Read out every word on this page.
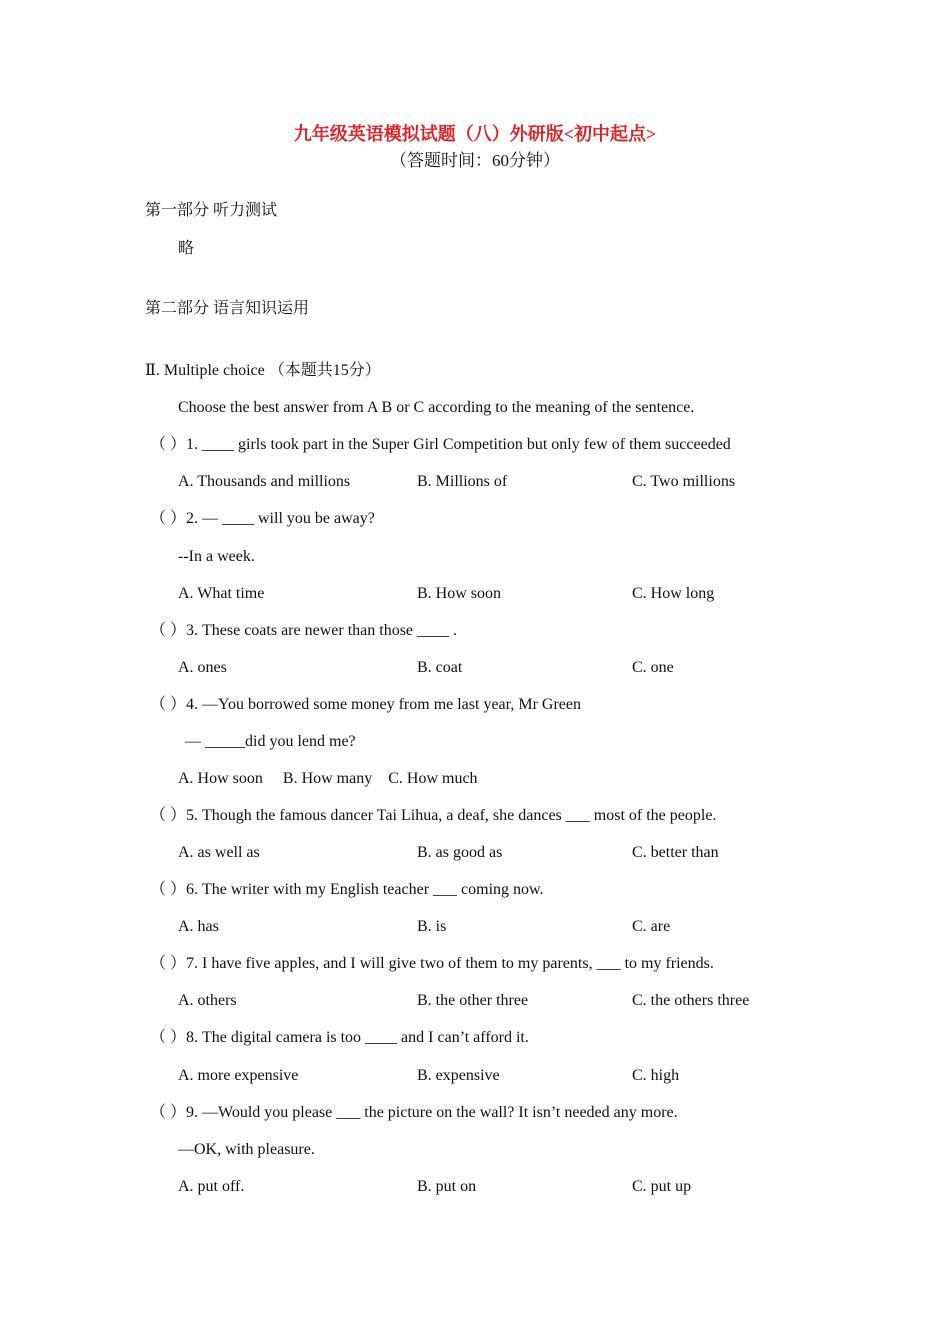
九年级英语模拟试题（八）外研版<初中起点>
（答题时间：60分钟）
第一部分 听力测试
略
第二部分 语言知识运用
Ⅱ. Multiple choice （本题共15分）
Choose the best answer from A B or C according to the meaning of the sentence.
（ ）1. ____ girls took part in the Super Girl Competition but only few of them succeeded
A. Thousands and millions	B. Millions of	C. Two millions
（ ）2. — ____ will you be away?
--In a week.
A. What time	B. How soon	C. How long
（ ）3. These coats are newer than those ____ .
A. ones	B. coat	C. one
（ ）4. —You borrowed some money from me last year, Mr Green
— _____did you lend me?
A. How soon     B. How many    C. How much
（ ）5. Though the famous dancer Tai Lihua, a deaf, she dances ___ most of the people.
A. as well as	B. as good as	C. better than
（ ）6. The writer with my English teacher ___ coming now.
A. has	B. is	C. are
（ ）7. I have five apples, and I will give two of them to my parents, ___ to my friends.
A. others	B. the other three	C. the others three
（ ）8. The digital camera is too ____ and I can’t afford it.
A. more expensive	B. expensive	C. high
（ ）9. —Would you please ___ the picture on the wall? It isn’t needed any more.
—OK, with pleasure.
A. put off.	B. put on	C. put up
